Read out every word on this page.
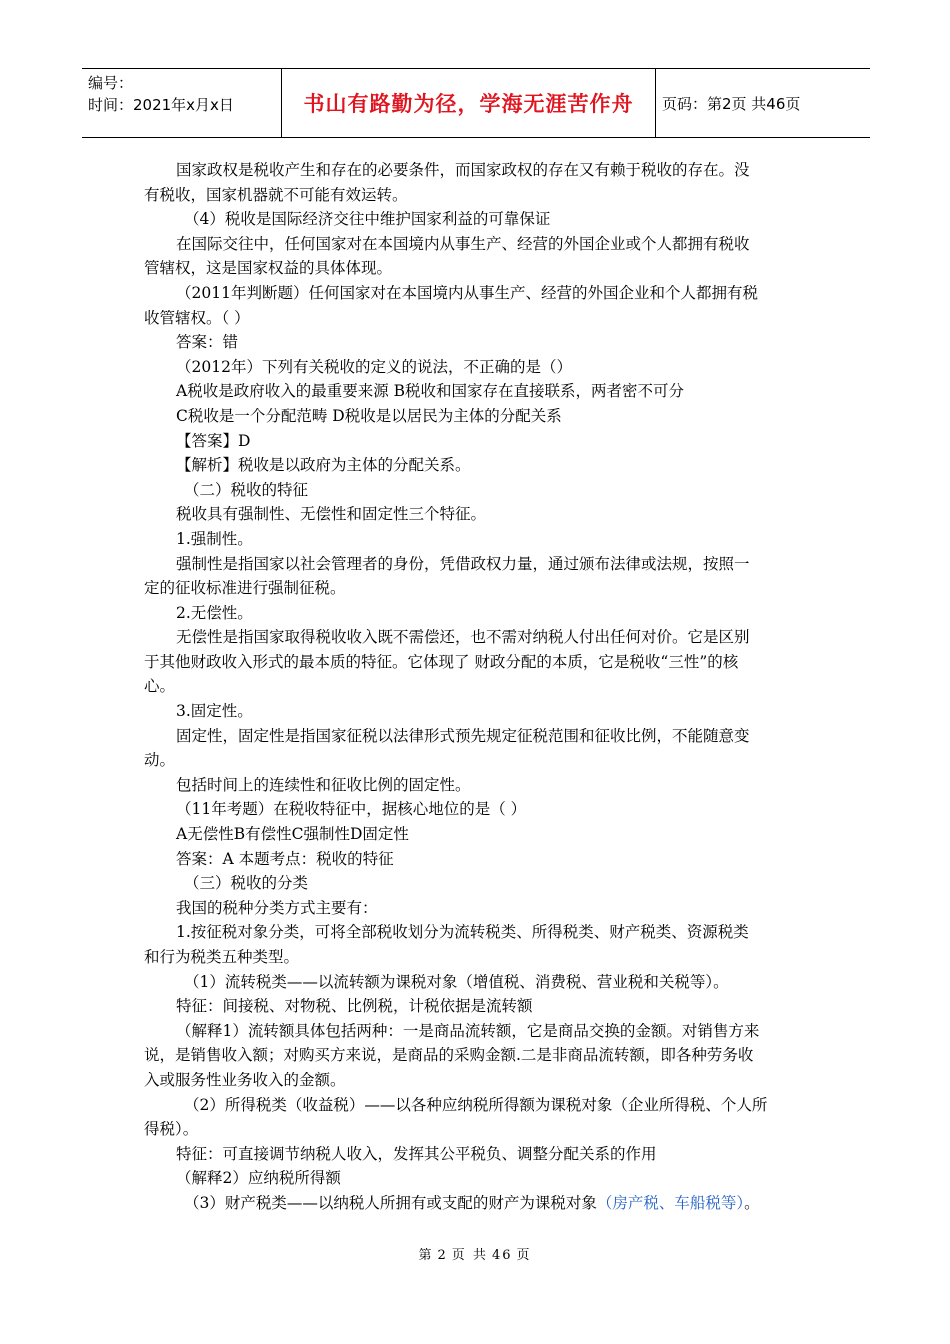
编号：
时间：2021年x月x日	书山有路勤为径，学海无涯苦作舟	页码：第2页 共46页
国家政权是税收产生和存在的必要条件，而国家政权的存在又有赖于税收的存在。没
有税收，国家机器就不可能有效运转。
（4）税收是国际经济交往中维护国家利益的可靠保证
在国际交往中，任何国家对在本国境内从事生产、经营的外国企业或个人都拥有税收
管辖权，这是国家权益的具体体现。
（2011年判断题）任何国家对在本国境内从事生产、经营的外国企业和个人都拥有税
收管辖权。（ ）
答案：错
（2012年）下列有关税收的定义的说法，不正确的是（）
A税收是政府收入的最重要来源 B税收和国家存在直接联系，两者密不可分
C税收是一个分配范畴 D税收是以居民为主体的分配关系
【答案】D
【解析】税收是以政府为主体的分配关系。
（二）税收的特征
税收具有强制性、无偿性和固定性三个特征。
1.强制性。
强制性是指国家以社会管理者的身份，凭借政权力量，通过颁布法律或法规，按照一
定的征收标准进行强制征税。
2.无偿性。
无偿性是指国家取得税收收入既不需偿还，也不需对纳税人付出任何对价。它是区别
于其他财政收入形式的最本质的特征。它体现了 财政分配的本质，它是税收“三性”的核
心。
3.固定性。
固定性，固定性是指国家征税以法律形式预先规定征税范围和征收比例，不能随意变
动。
包括时间上的连续性和征收比例的固定性。
（11年考题）在税收特征中，据核心地位的是（ ）
A无偿性B有偿性C强制性D固定性
答案：A 本题考点：税收的特征
（三）税收的分类
我国的税种分类方式主要有：
1.按征税对象分类，可将全部税收划分为流转税类、所得税类、财产税类、资源税类
和行为税类五种类型。
（1）流转税类——以流转额为课税对象（增值税、消费税、营业税和关税等）。
特征：间接税、对物税、比例税，计税依据是流转额
（解释1）流转额具体包括两种：一是商品流转额，它是商品交换的金额。对销售方来
说，是销售收入额；对购买方来说，是商品的采购金额.二是非商品流转额，即各种劳务收
入或服务性业务收入的金额。
（2）所得税类（收益税）——以各种应纳税所得额为课税对象（企业所得税、个人所
得税）。
特征：可直接调节纳税人收入，发挥其公平税负、调整分配关系的作用
（解释2）应纳税所得额
（3）财产税类——以纳税人所拥有或支配的财产为课税对象（房产税、车船税等）。
第 2 页 共 46 页
